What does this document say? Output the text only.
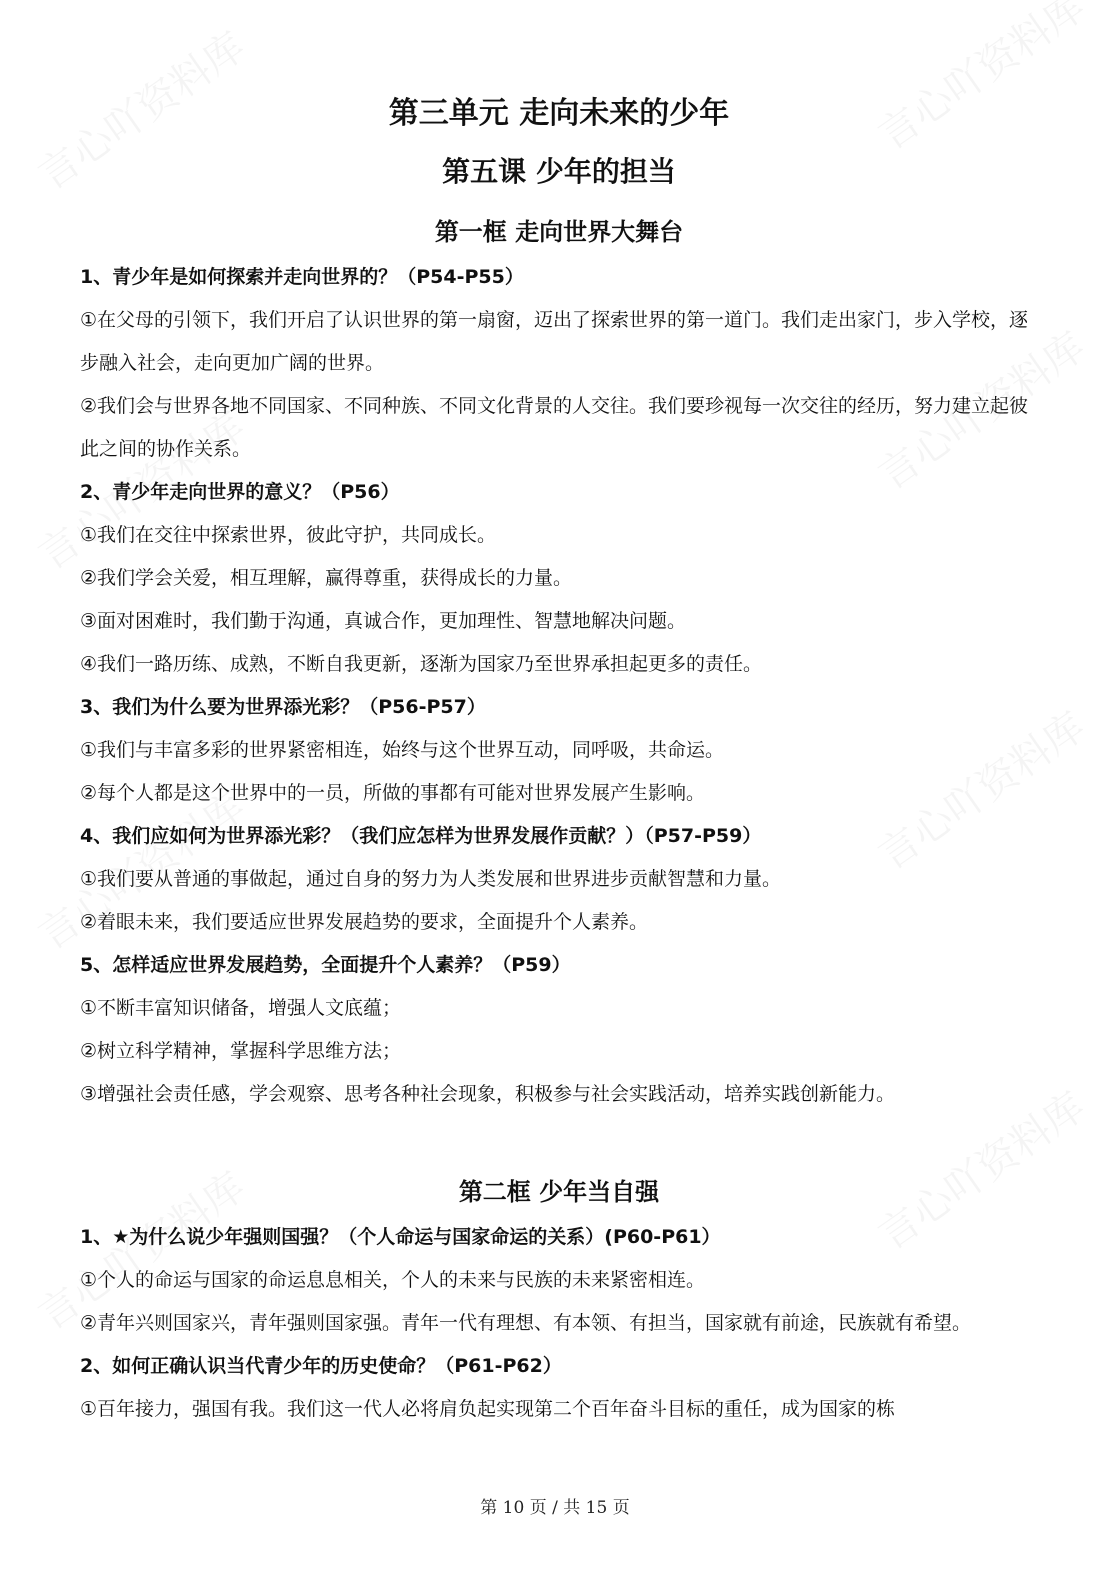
第三单元 走向未来的少年
第五课 少年的担当
第一框 走向世界大舞台

1、青少年是如何探索并走向世界的？（P54-P55）

①在父母的引领下，我们开启了认识世界的第一扇窗，迈出了探索世界的第一道门。我们走出家门，步入学校，逐步融入社会，走向更加广阔的世界。

②我们会与世界各地不同国家、不同种族、不同文化背景的人交往。我们要珍视每一次交往的经历，努力建立起彼此之间的协作关系。

2、青少年走向世界的意义？（P56）

①我们在交往中探索世界，彼此守护，共同成长。

②我们学会关爱，相互理解，赢得尊重，获得成长的力量。

③面对困难时，我们勤于沟通，真诚合作，更加理性、智慧地解决问题。

④我们一路历练、成熟，不断自我更新，逐渐为国家乃至世界承担起更多的责任。

3、我们为什么要为世界添光彩？（P56-P57）

①我们与丰富多彩的世界紧密相连，始终与这个世界互动，同呼吸，共命运。

②每个人都是这个世界中的一员，所做的事都有可能对世界发展产生影响。

4、我们应如何为世界添光彩？（我们应怎样为世界发展作贡献？）（P57-P59）

①我们要从普通的事做起，通过自身的努力为人类发展和世界进步贡献智慧和力量。

②着眼未来，我们要适应世界发展趋势的要求，全面提升个人素养。

5、怎样适应世界发展趋势，全面提升个人素养？（P59）

①不断丰富知识储备，增强人文底蕴；

②树立科学精神，掌握科学思维方法；

③增强社会责任感，学会观察、思考各种社会现象，积极参与社会实践活动，培养实践创新能力。

第二框 少年当自强

1、★为什么说少年强则国强？（个人命运与国家命运的关系）(P60-P61）

①个人的命运与国家的命运息息相关，个人的未来与民族的未来紧密相连。

②青年兴则国家兴，青年强则国家强。青年一代有理想、有本领、有担当，国家就有前途，民族就有希望。

2、如何正确认识当代青少年的历史使命？（P61-P62）

①百年接力，强国有我。我们这一代人必将肩负起实现第二个百年奋斗目标的重任，成为国家的栋

第 10 页 / 共 15 页
